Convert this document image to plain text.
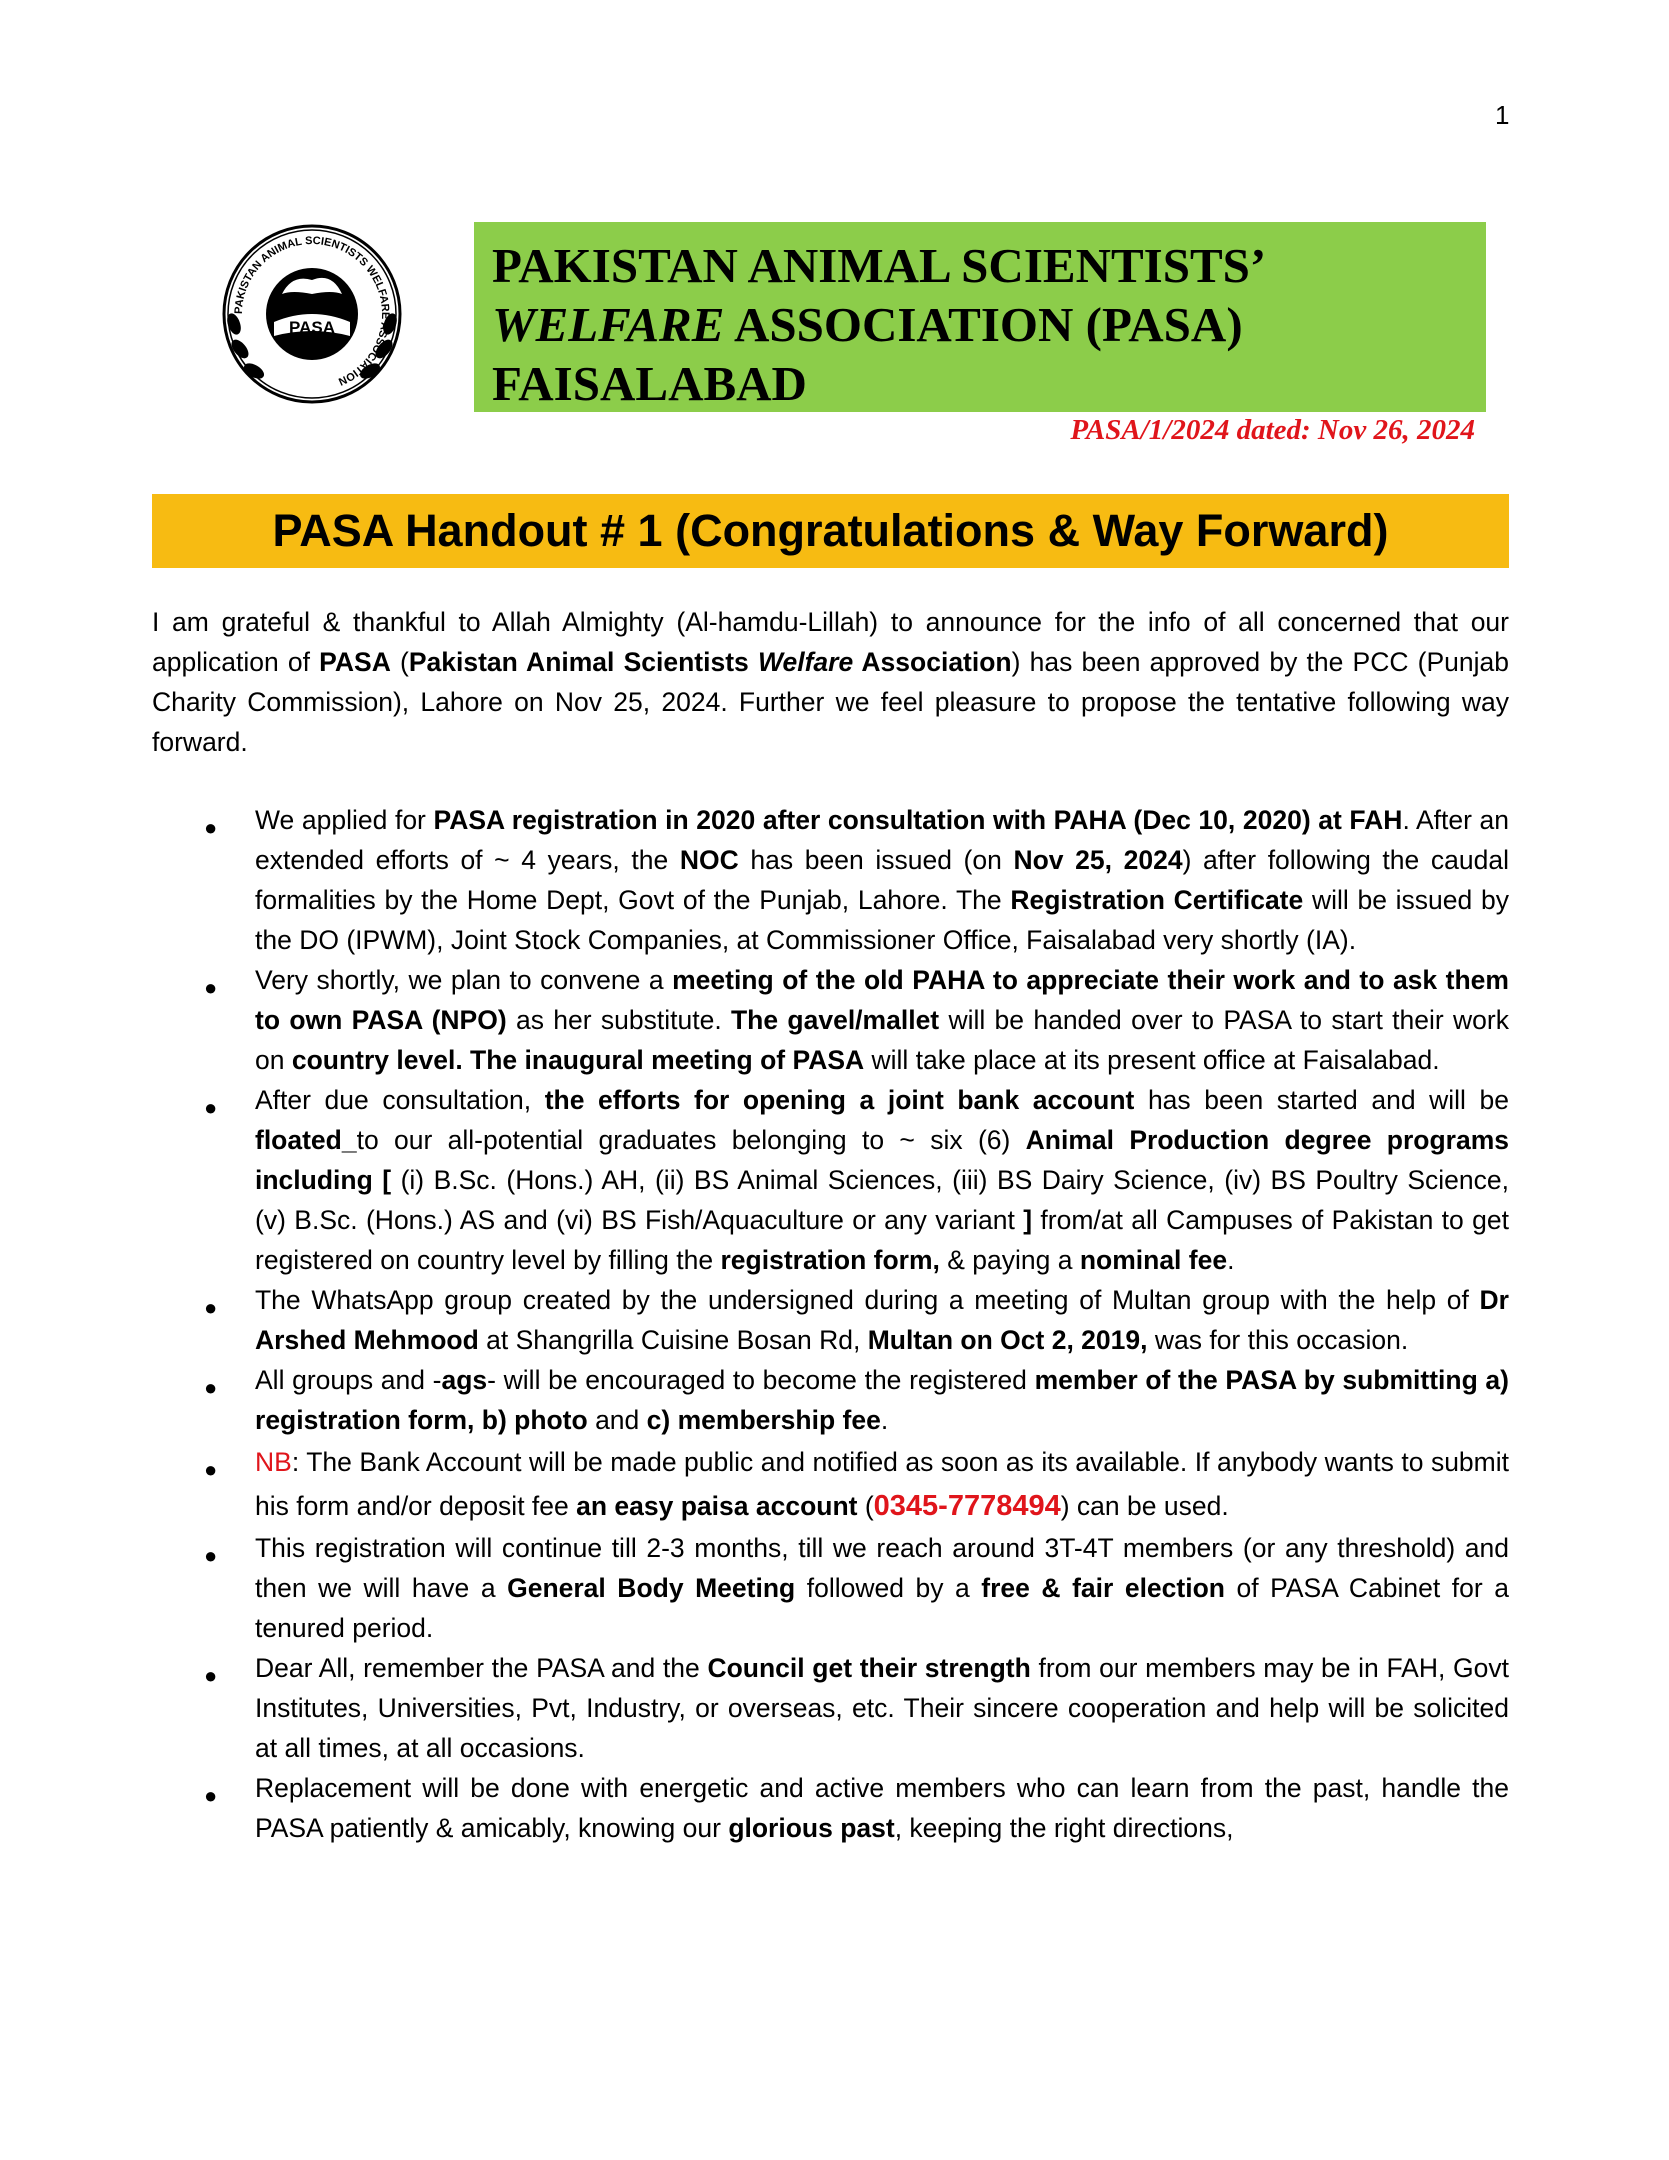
1
PAKISTAN ANIMAL SCIENTISTS WELFARE ASSOCIATION
PASA
PAKISTAN ANIMAL SCIENTISTS’
WELFARE ASSOCIATION (PASA)
FAISALABAD
PASA/1/2024 dated: Nov 26, 2024
PASA Handout # 1 (Congratulations & Way Forward)
I am grateful & thankful to Allah Almighty (Al-hamdu-Lillah) to announce for the info of all concerned that our application of PASA (Pakistan Animal Scientists Welfare Association) has been approved by the PCC (Punjab Charity Commission), Lahore on Nov 25, 2024. Further we feel pleasure to propose the tentative following way forward.
● We applied for PASA registration in 2020 after consultation with PAHA (Dec 10, 2020) at FAH. After an extended efforts of ~ 4 years, the NOC has been issued (on Nov 25, 2024) after following the caudal formalities by the Home Dept, Govt of the Punjab, Lahore. The Registration Certificate will be issued by the DO (IPWM), Joint Stock Companies, at Commissioner Office, Faisalabad very shortly (IA).
● Very shortly, we plan to convene a meeting of the old PAHA to appreciate their work and to ask them to own PASA (NPO) as her substitute. The gavel/mallet will be handed over to PASA to start their work on country level. The inaugural meeting of PASA will take place at its present office at Faisalabad.
● After due consultation, the efforts for opening a joint bank account has been started and will be floated_to our all-potential graduates belonging to ~ six (6) Animal Production degree programs including [ (i) B.Sc. (Hons.) AH, (ii) BS Animal Sciences, (iii) BS Dairy Science, (iv) BS Poultry Science, (v) B.Sc. (Hons.) AS and (vi) BS Fish/Aquaculture or any variant ] from/at all Campuses of Pakistan to get registered on country level by filling the registration form, & paying a nominal fee.
● The WhatsApp group created by the undersigned during a meeting of Multan group with the help of Dr Arshed Mehmood at Shangrilla Cuisine Bosan Rd, Multan on Oct 2, 2019, was for this occasion.
● All groups and -ags- will be encouraged to become the registered member of the PASA by submitting a) registration form, b) photo and c) membership fee.
● NB: The Bank Account will be made public and notified as soon as its available. If anybody wants to submit his form and/or deposit fee an easy paisa account (0345-7778494) can be used.
● This registration will continue till 2-3 months, till we reach around 3T-4T members (or any threshold) and then we will have a General Body Meeting followed by a free & fair election of PASA Cabinet for a tenured period.
● Dear All, remember the PASA and the Council get their strength from our members may be in FAH, Govt Institutes, Universities, Pvt, Industry, or overseas, etc. Their sincere cooperation and help will be solicited at all times, at all occasions.
● Replacement will be done with energetic and active members who can learn from the past, handle the PASA patiently & amicably, knowing our glorious past, keeping the right directions,
